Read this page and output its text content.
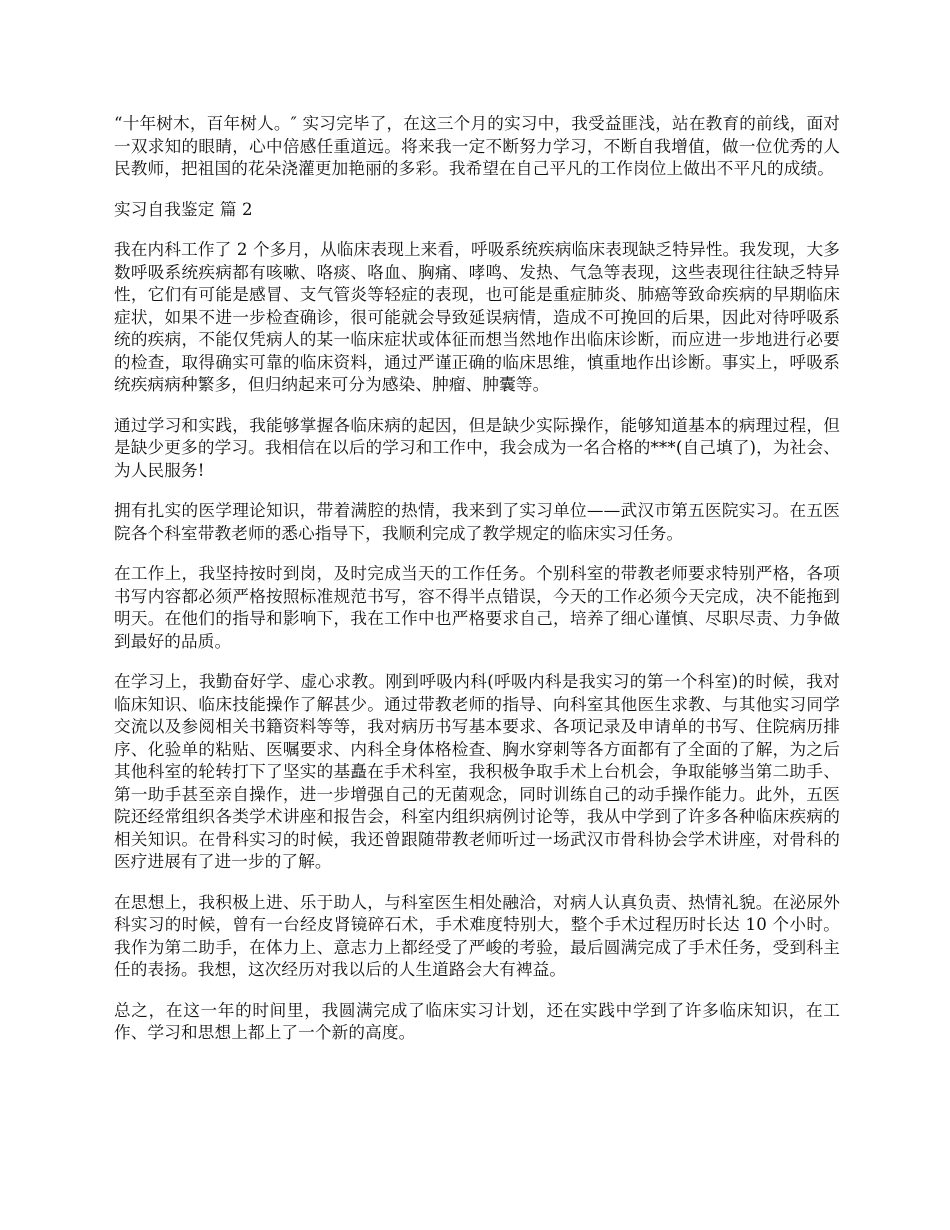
“十年树木，百年树人。″ 实习完毕了，在这三个月的实习中，我受益匪浅，站在教育的前线，面对一双求知的眼睛，心中倍感任重道远。将来我一定不断努力学习，不断自我增值，做一位优秀的人民教师，把祖国的花朵浇灌更加艳丽的多彩。我希望在自己平凡的工作岗位上做出不平凡的成绩。

实习自我鉴定 篇 2

我在内科工作了 2 个多月，从临床表现上来看，呼吸系统疾病临床表现缺乏特异性。我发现，大多数呼吸系统疾病都有咳嗽、咯痰、咯血、胸痛、哮鸣、发热、气急等表现，这些表现往往缺乏特异性，它们有可能是感冒、支气管炎等轻症的表现，也可能是重症肺炎、肺癌等致命疾病的早期临床症状，如果不进一步检查确诊，很可能就会导致延误病情，造成不可挽回的后果，因此对待呼吸系统的疾病，不能仅凭病人的某一临床症状或体征而想当然地作出临床诊断，而应进一步地进行必要的检查，取得确实可靠的临床资料，通过严谨正确的临床思维，慎重地作出诊断。事实上，呼吸系统疾病病种繁多，但归纳起来可分为感染、肿瘤、肿囊等。

通过学习和实践，我能够掌握各临床病的起因，但是缺少实际操作，能够知道基本的病理过程，但是缺少更多的学习。我相信在以后的学习和工作中，我会成为一名合格的***(自己填了)，为社会、为人民服务!

拥有扎实的医学理论知识，带着满腔的热情，我来到了实习单位——武汉市第五医院实习。在五医院各个科室带教老师的悉心指导下，我顺利完成了教学规定的临床实习任务。

在工作上，我坚持按时到岗，及时完成当天的工作任务。个别科室的带教老师要求特别严格，各项书写内容都必须严格按照标准规范书写，容不得半点错误，今天的工作必须今天完成，决不能拖到明天。在他们的指导和影响下，我在工作中也严格要求自己，培养了细心谨慎、尽职尽责、力争做到最好的品质。

在学习上，我勤奋好学、虚心求教。刚到呼吸内科(呼吸内科是我实习的第一个科室)的时候，我对临床知识、临床技能操作了解甚少。通过带教老师的指导、向科室其他医生求教、与其他实习同学交流以及参阅相关书籍资料等等，我对病历书写基本要求、各项记录及申请单的书写、住院病历排序、化验单的粘贴、医嘱要求、内科全身体格检查、胸水穿刺等各方面都有了全面的了解，为之后其他科室的轮转打下了坚实的基矗在手术科室，我积极争取手术上台机会，争取能够当第二助手、第一助手甚至亲自操作，进一步增强自己的无菌观念，同时训练自己的动手操作能力。此外，五医院还经常组织各类学术讲座和报告会，科室内组织病例讨论等，我从中学到了许多各种临床疾病的相关知识。在骨科实习的时候，我还曾跟随带教老师听过一场武汉市骨科协会学术讲座，对骨科的医疗进展有了进一步的了解。

在思想上，我积极上进、乐于助人，与科室医生相处融洽，对病人认真负责、热情礼貌。在泌尿外科实习的时候，曾有一台经皮肾镜碎石术，手术难度特别大，整个手术过程历时长达 10 个小时。我作为第二助手，在体力上、意志力上都经受了严峻的考验，最后圆满完成了手术任务，受到科主任的表扬。我想，这次经历对我以后的人生道路会大有裨益。

总之，在这一年的时间里，我圆满完成了临床实习计划，还在实践中学到了许多临床知识，在工作、学习和思想上都上了一个新的高度。
